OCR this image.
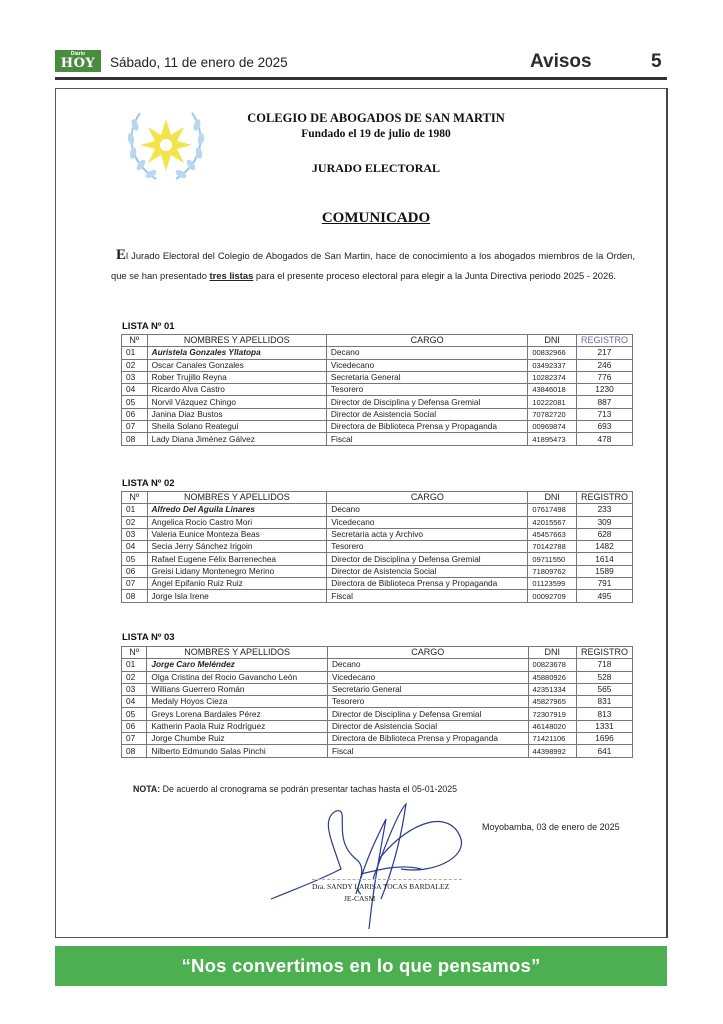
Diario
HOY	Sábado, 11 de enero de 2025	Avisos	5
COLEGIO DE ABOGADOS DE SAN MARTIN
Fundado el 19 de julio de 1980
JURADO ELECTORAL
COMUNICADO
El Jurado Electoral del Colegio de Abogados de San Martin, hace de conocimiento a los abogados miembros de la Orden, que se han presentado tres listas para el presente proceso electoral para elegir a la Junta Directiva periodo 2025 - 2026.
LISTA Nº 01
Nº	NOMBRES Y APELLIDOS	CARGO	DNI	REGISTRO
01	Auristela Gonzales Yllatopa	Decano	00832966	217
02	Oscar Canales Gonzales	Vicedecano	03492337	246
03	Rober Trujillo Reyna	Secretaria General	10282374	776
04	Ricardo Alva Castro	Tesorero	43846018	1230
05	Norvil Vázquez Chingo	Director de Disciplina y Defensa Gremial	10222081	887
06	Janina Diaz Bustos	Director de Asistencia Social	70782720	713
07	Sheila Solano Reategui	Directora de Biblioteca Prensa y Propaganda	00969874	693
08	Lady Diana Jiménez Gálvez	Fiscal	41895473	478
LISTA Nº 02
Nº	NOMBRES Y APELLIDOS	CARGO	DNI	REGISTRO
01	Alfredo Del Aguila Linares	Decano	07617498	233
02	Angelica Rocio Castro Mori	Vicedecano	42015567	309
03	Valeria Eunice Monteza Beas	Secretaria acta y Archivo	45457663	628
04	Secia Jerry Sánchez Irigoin	Tesorero	70142788	1482
05	Rafael Eugene Félix Barrenechea	Director de Disciplina y Defensa Gremial	09711550	1614
06	Greisi Lidany Montenegro Merino	Director de Asistencia Social	71809762	1589
07	Ángel Epifanio Ruiz Ruiz	Directora de Biblioteca Prensa y Propaganda	01123599	791
08	Jorge Isla Irene	Fiscal	00092709	495
LISTA Nº 03
Nº	NOMBRES Y APELLIDOS	CARGO	DNI	REGISTRO
01	Jorge Caro Meléndez	Decano	00823678	718
02	Olga Cristina del Rocio Gavancho León	Vicedecano	45880926	528
03	Willians Guerrero Román	Secretario General	42351334	565
04	Medaly Hoyos Cieza	Tesorero	45827965	831
05	Greys Lorena Bardales Pérez	Director de Disciplina y Defensa Gremial	72307919	813
06	Katherin Paola Ruiz Rodríguez	Director de Asistencia Social	46148020	1331
07	Jorge Chumbe Ruiz	Directora de Biblioteca Prensa y Propaganda	71421106	1696
08	Nilberto Edmundo Salas Pinchi	Fiscal	44398992	641
NOTA: De acuerdo al cronograma se podrán presentar tachas hasta el 05-01-2025
Moyobamba, 03 de enero de 2025
Dra. SANDY LARISA TOCAS BARDALEZ
JE-CASM
“Nos convertimos en lo que pensamos”
